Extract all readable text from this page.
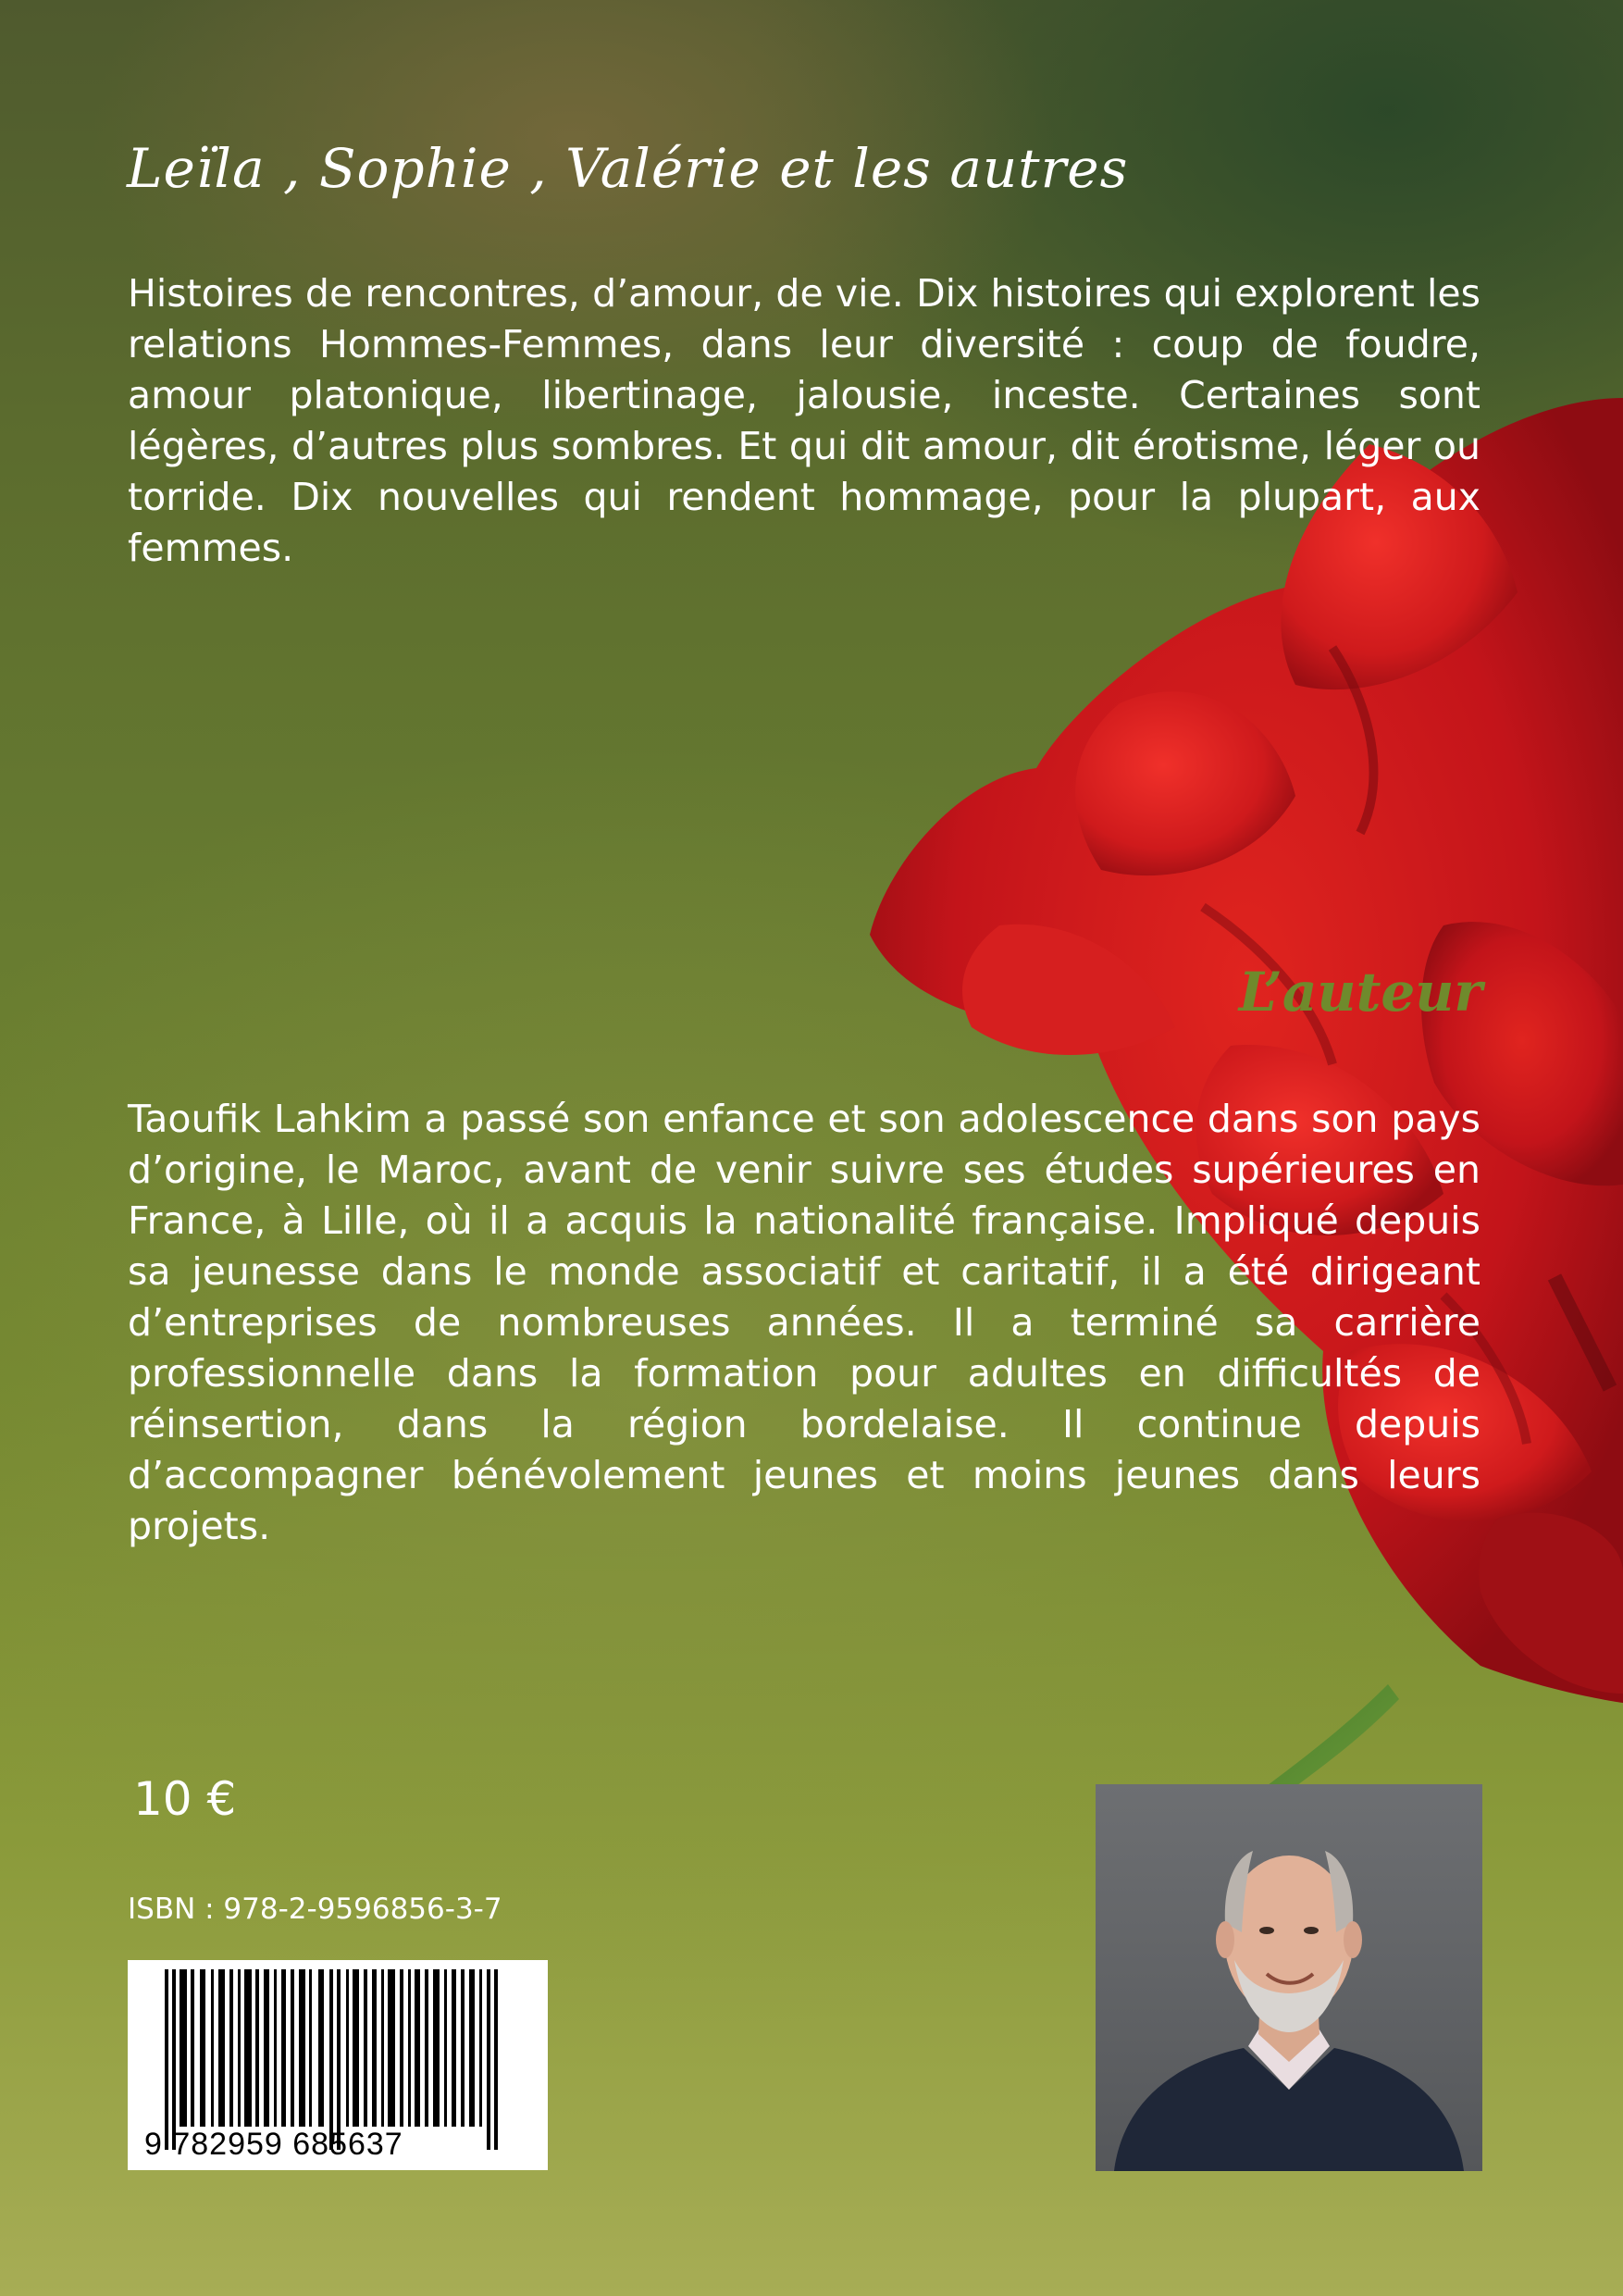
Leïla , Sophie , Valérie et les autres

Histoires de rencontres, d’amour, de vie. Dix histoires qui explorent les relations Hommes-Femmes, dans leur diversité : coup de foudre, amour platonique, libertinage, jalousie, inceste. Certaines sont légères, d’autres plus sombres. Et qui dit amour, dit érotisme, léger ou torride. Dix nouvelles qui rendent hommage, pour la plupart, aux femmes.

L’auteur

Taoufik Lahkim a passé son enfance et son adolescence dans son pays d’origine, le Maroc, avant de venir suivre ses études supérieures en France, à Lille, où il a acquis la nationalité française. Impliqué depuis sa jeunesse dans le monde associatif et caritatif, il a été dirigeant d’entreprises de nombreuses années. Il a terminé sa carrière professionnelle dans la formation pour adultes en difficultés de réinsertion, dans la région bordelaise. Il continue depuis d’accompagner bénévolement jeunes et moins jeunes dans leurs projets.

10 €
ISBN : 978-2-9596856-3-7
9 782959 685637
